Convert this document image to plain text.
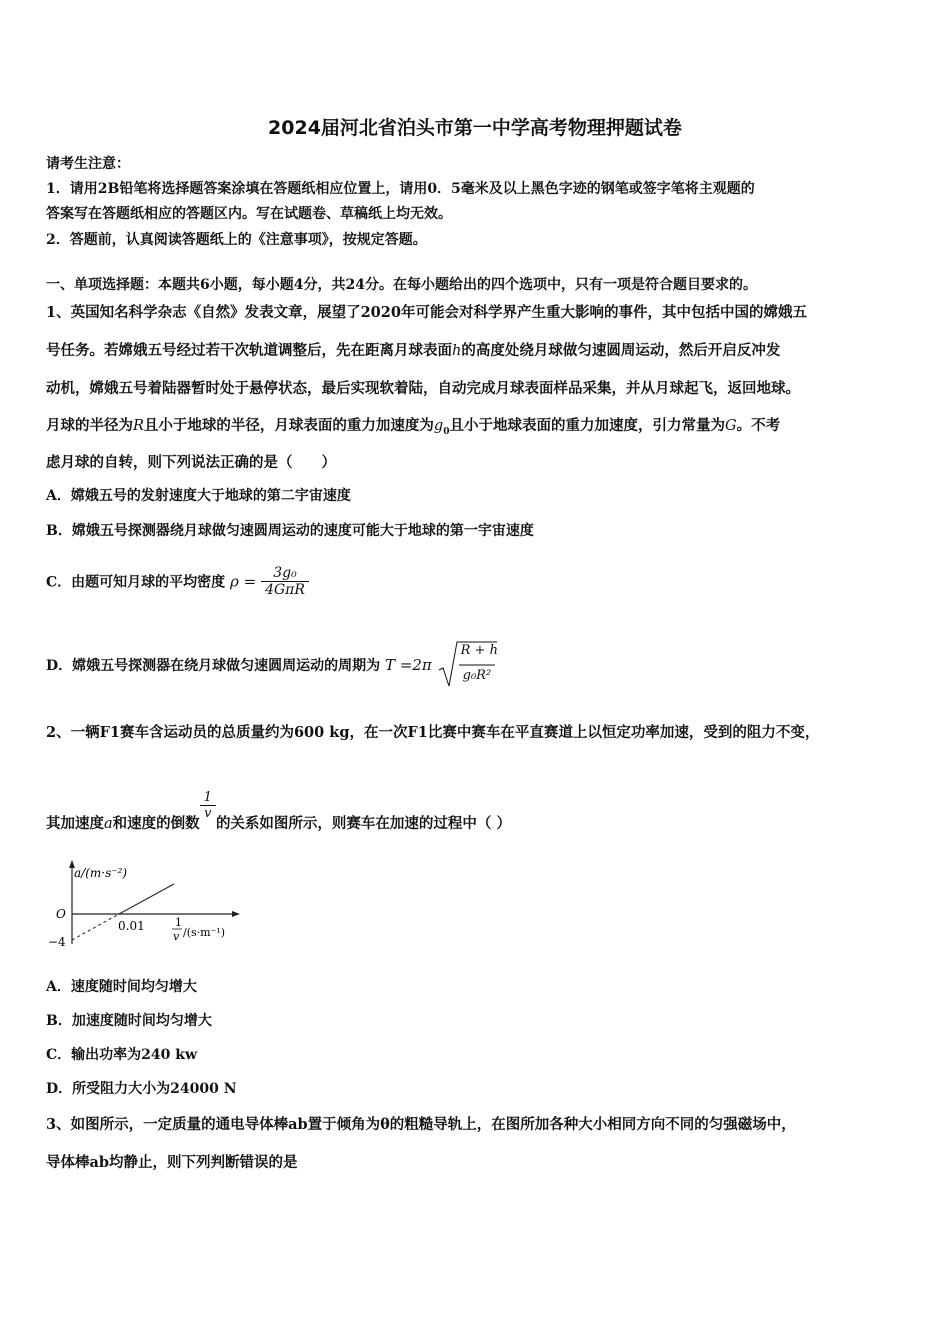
2024届河北省泊头市第一中学高考物理押题试卷
请考生注意：
1．请用2B铅笔将选择题答案涂填在答题纸相应位置上，请用0．5毫米及以上黑色字迹的钢笔或签字笔将主观题的
答案写在答题纸相应的答题区内。写在试题卷、草稿纸上均无效。
2．答题前，认真阅读答题纸上的《注意事项》，按规定答题。
一、单项选择题：本题共6小题，每小题4分，共24分。在每小题给出的四个选项中，只有一项是符合题目要求的。
1、英国知名科学杂志《自然》发表文章，展望了2020年可能会对科学界产生重大影响的事件，其中包括中国的嫦娥五
号任务。若嫦娥五号经过若干次轨道调整后，先在距离月球表面h的高度处绕月球做匀速圆周运动，然后开启反冲发
动机，嫦娥五号着陆器暂时处于悬停状态，最后实现软着陆，自动完成月球表面样品采集，并从月球起飞，返回地球。
月球的半径为R且小于地球的半径，月球表面的重力加速度为$g_0$且小于地球表面的重力加速度，引力常量为G。不考
虑月球的自转，则下列说法正确的是（　　）
A．嫦娥五号的发射速度大于地球的第二宇宙速度
B．嫦娥五号探测器绕月球做匀速圆周运动的速度可能大于地球的第一宇宙速度
C．由题可知月球的平均密度 $\rho = \frac{\text{3g₀}}{\text{4GπR}}$
D．嫦娥五号探测器在绕月球做匀速圆周运动的周期为 T =2π
R + h
g₀R²
2、一辆F1赛车含运动员的总质量约为600 kg，在一次F1比赛中赛车在平直赛道上以恒定功率加速，受到的阻力不变，
其加速度a和速度的倒数
$\frac{1}{v}$
的关系如图所示，则赛车在加速的过程中（ ）
a/(m·s⁻²)
O
−4
0.01	1
v /(s·m⁻¹)
A．速度随时间均匀增大
B．加速度随时间均匀增大
C．输出功率为240 kw
D．所受阻力大小为24000 N
3、如图所示，一定质量的通电导体棒ab置于倾角为θ的粗糙导轨上，在图所加各种大小相同方向不同的匀强磁场中，
导体棒ab均静止，则下列判断错误的是
